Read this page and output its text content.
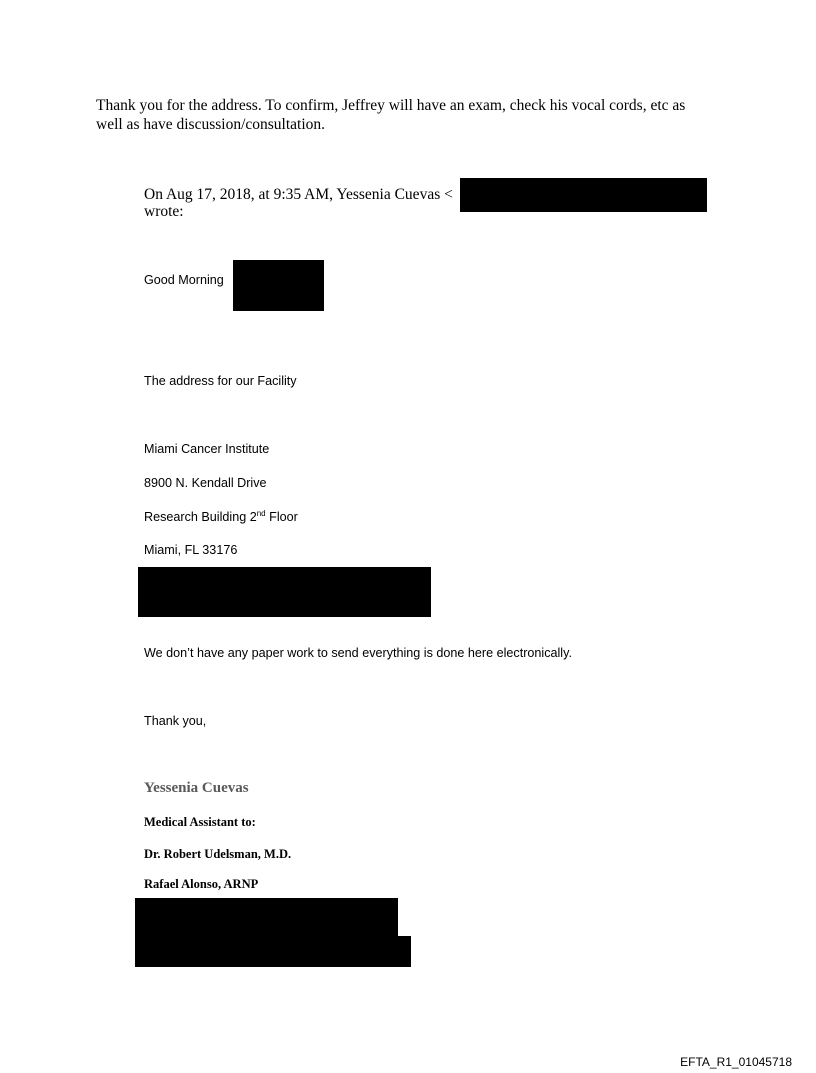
Thank you for the address. To confirm, Jeffrey will have an exam, check his vocal cords, etc as
well as have discussion/consultation.
On Aug 17, 2018, at 9:35 AM, Yessenia Cuevas <
wrote:
Good Morning
The address for our Facility
Miami Cancer Institute
8900 N. Kendall Drive
Research Building 2nd Floor
Miami, FL 33176
We don’t have any paper work to send everything is done here electronically.
Thank you,
Yessenia Cuevas
Medical Assistant to:
Dr. Robert Udelsman, M.D.
Rafael Alonso, ARNP
EFTA_R1_01045718
